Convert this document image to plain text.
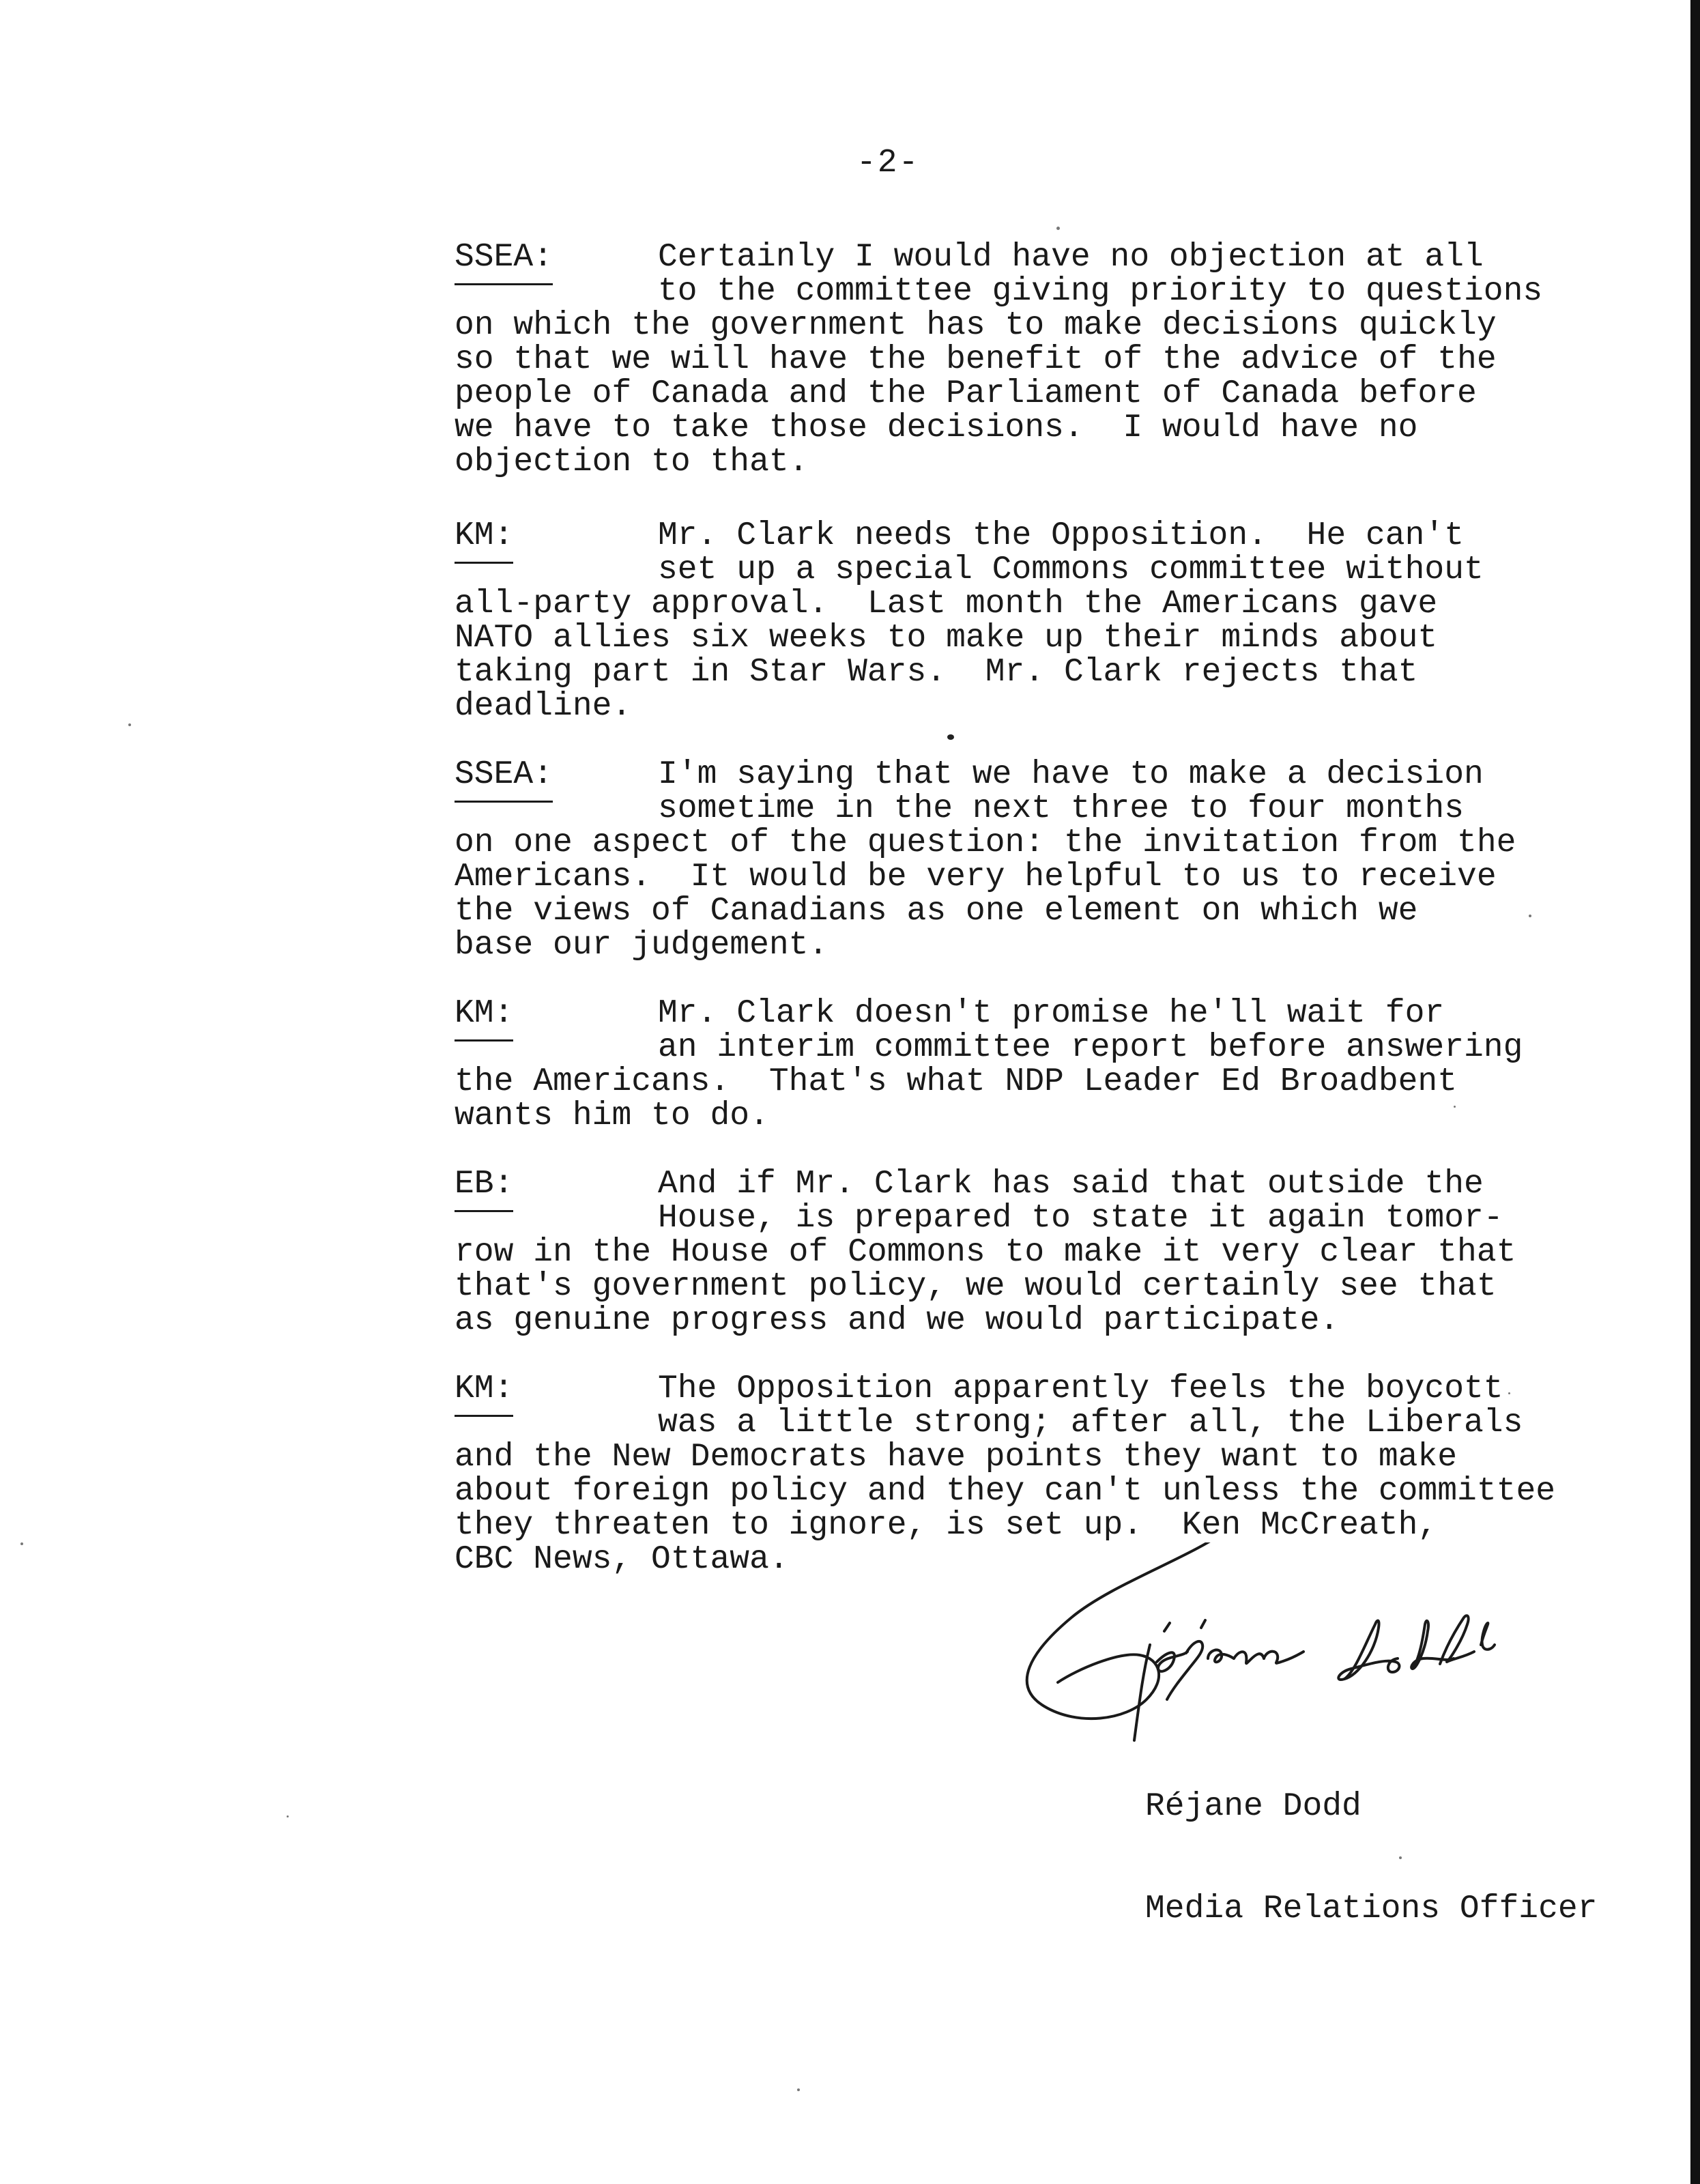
-2-
SSEA:	Certainly I would have no objection at all
to the committee giving priority to questions
on which the government has to make decisions quickly
so that we will have the benefit of the advice of the
people of Canada and the Parliament of Canada before
we have to take those decisions.  I would have no
objection to that.
KM:	Mr. Clark needs the Opposition.  He can't
set up a special Commons committee without
all-party approval.  Last month the Americans gave
NATO allies six weeks to make up their minds about
taking part in Star Wars.  Mr. Clark rejects that
deadline.
SSEA:	I'm saying that we have to make a decision
sometime in the next three to four months
on one aspect of the question: the invitation from the
Americans.  It would be very helpful to us to receive
the views of Canadians as one element on which we
base our judgement.
KM:	Mr. Clark doesn't promise he'll wait for
an interim committee report before answering
the Americans.  That's what NDP Leader Ed Broadbent
wants him to do.
EB:	And if Mr. Clark has said that outside the
House, is prepared to state it again tomor-
row in the House of Commons to make it very clear that
that's government policy, we would certainly see that
as genuine progress and we would participate.
KM:	The Opposition apparently feels the boycott
was a little strong; after all, the Liberals
and the New Democrats have points they want to make
about foreign policy and they can't unless the committee
they threaten to ignore, is set up.  Ken McCreath,
CBC News, Ottawa.

Réjane Dodd

Media Relations Officer
